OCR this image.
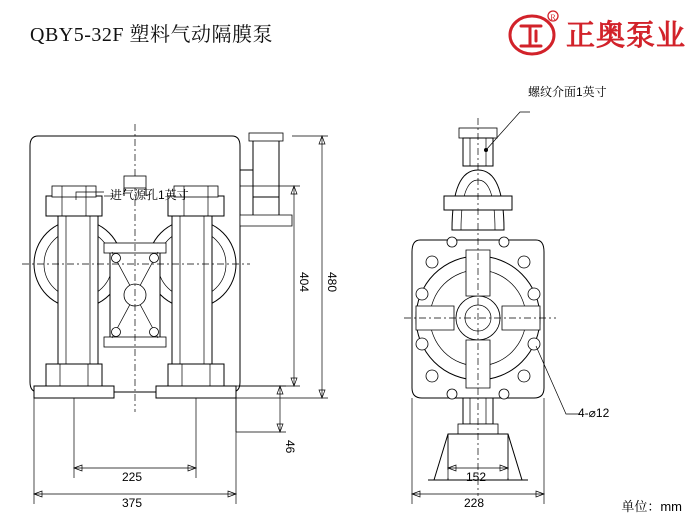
QBY5-32F 塑料气动隔膜泵
R
正奥泵业
进气源孔1英寸
螺纹介面1英寸
4-⌀12
404 480
46
225
375
152
228	单位：mm
